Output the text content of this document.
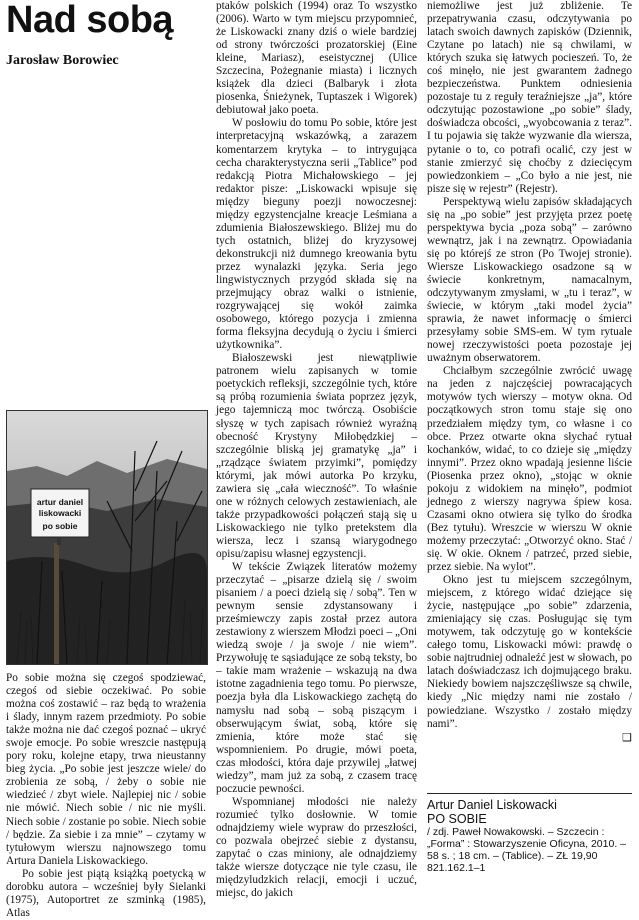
Nad sobą
Jarosław Borowiec
artur daniel
liskowacki
po sobie

Po sobie można się czegoś spodziewać, czegoś od siebie oczekiwać. Po sobie można coś zostawić – raz będą to wrażenia i ślady, innym razem przedmioty. Po sobie także można nie dać czegoś poznać – ukryć swoje emocje. Po sobie wreszcie następują pory roku, kolejne etapy, trwa nieustanny bieg życia. „Po sobie jest jeszcze wiele/ do zrobienia ze sobą, / żeby o sobie nie wiedzieć / zbyt wiele. Najlepiej nic / sobie nie mówić. Niech sobie / nic nie myśli. Niech sobie / zostanie po sobie. Niech sobie / będzie. Za siebie i za mnie” – czytamy w tytułowym wierszu najnowszego tomu Artura Daniela Liskowackiego.

Po sobie jest piątą książką poetycką w dorobku autora – wcześniej były Sielanki (1975), Autoportret ze szminką (1985), Atlas

ptaków polskich (1994) oraz To wszystko (2006). Warto w tym miejscu przypomnieć, że Liskowacki znany dziś o wiele bardziej od strony twórczości prozatorskiej (Eine kleine, Mariasz), eseistycznej (Ulice Szczecina, Pożegnanie miasta) i licznych książek dla dzieci (Balbaryk i złota piosenka, Śnieżynek, Tuptaszek i Wigorek) debiutował jako poeta.

W posłowiu do tomu Po sobie, które jest interpretacyjną wskazówką, a zarazem komentarzem krytyka – to intrygująca cecha charakterystyczna serii „Tablice” pod redakcją Piotra Michałowskiego – jej redaktor pisze: „Liskowacki wpisuje się między bieguny poezji nowoczesnej: między egzystencjalne kreacje Leśmiana a zdumienia Białoszewskiego. Bliżej mu do tych ostatnich, bliżej do kryzysowej dekonstrukcji niż dumnego kreowania bytu przez wynalazki języka. Seria jego lingwistycznych przygód składa się na przejmujący obraz walki o istnienie, rozgrywającej się wokół zaimka osobowego, którego pozycja i zmienna forma fleksyjna decydują o życiu i śmierci użytkownika”.

Białoszewski jest niewątpliwie patronem wielu zapisanych w tomie poetyckich refleksji, szczególnie tych, które są próbą rozumienia świata poprzez język, jego tajemniczą moc twórczą. Osobiście słyszę w tych zapisach również wyraźną obecność Krystyny Miłobędzkiej – szczególnie bliską jej gramatykę „ja” i „rządzące światem przyimki”, pomiędzy którymi, jak mówi autorka Po krzyku, zawiera się „cała wieczność”. To właśnie one w różnych celowych zestawieniach, ale także przypadkowości połączeń stają się u Liskowackiego nie tylko pretekstem dla wiersza, lecz i szansą wiarygodnego opisu/zapisu własnej egzystencji.

W tekście Związek literatów możemy przeczytać – „pisarze dzielą się / swoim pisaniem / a poeci dzielą się / sobą”. Ten w pewnym sensie zdystansowany i prześmiewczy zapis został przez autora zestawiony z wierszem Młodzi poeci – „Oni wiedzą swoje / ja swoje / nie wiem”. Przywołuję te sąsiadujące ze sobą teksty, bo – takie mam wrażenie – wskazują na dwa istotne zagadnienia tego tomu. Po pierwsze, poezja była dla Liskowackiego zachętą do namysłu nad sobą – sobą piszącym i obserwującym świat, sobą, które się zmienia, które może stać się wspomnieniem. Po drugie, mówi poeta, czas młodości, która daje przywilej „łatwej wiedzy”, mam już za sobą, z czasem tracę poczucie pewności.

Wspomnianej młodości nie należy rozumieć tylko dosłownie. W tomie odnajdziemy wiele wypraw do przeszłości, co pozwala obejrzeć siebie z dystansu, zapytać o czas miniony, ale odnajdziemy także wiersze dotyczące nie tyle czasu, ile międzyludzkich relacji, emocji i uczuć, miejsc, do jakich

niemożliwe jest już zbliżenie. Te przepatrywania czasu, odczytywania po latach swoich dawnych zapisków (Dziennik, Czytane po latach) nie są chwilami, w których szuka się łatwych pocieszeń. To, że coś minęło, nie jest gwarantem żadnego bezpieczeństwa. Punktem odniesienia pozostaje tu z reguły teraźniejsze „ja”, które odczytując pozostawione „po sobie” ślady, doświadcza obcości, „wyobcowania z teraz”. I tu pojawia się także wyzwanie dla wiersza, pytanie o to, co potrafi ocalić, czy jest w stanie zmierzyć się choćby z dziecięcym powiedzonkiem – „Co było a nie jest, nie pisze się w rejestr” (Rejestr).

Perspektywą wielu zapisów składających się na „po sobie” jest przyjęta przez poetę perspektywa bycia „poza sobą” – zarówno wewnątrz, jak i na zewnątrz. Opowiadania się po którejś ze stron (Po Twojej stronie). Wiersze Liskowackiego osadzone są w świecie konkretnym, namacalnym, odczytywanym zmysłami, w „tu i teraz”, w świecie, w którym „taki model życia” sprawia, że nawet informację o śmierci przesyłamy sobie SMS-em. W tym rytuale nowej rzeczywistości poeta pozostaje jej uważnym obserwatorem.

Chciałbym szczególnie zwrócić uwagę na jeden z najczęściej powracających motywów tych wierszy – motyw okna. Od początkowych stron tomu staje się ono przedziałem między tym, co własne i co obce. Przez otwarte okna słychać rytuał kochanków, widać, to co dzieje się „między innymi”. Przez okno wpadają jesienne liście (Piosenka przez okno), „stojąc w oknie pokoju z widokiem na minęło”, podmiot jednego z wierszy nagrywa śpiew kosa. Czasami okno otwiera się tylko do środka (Bez tytułu). Wreszcie w wierszu W oknie możemy przeczytać: „Otworzyć okno. Stać / się. W okie. Oknem / patrzeć, przed siebie, przez siebie. Na wylot”.

Okno jest tu miejscem szczególnym, miejscem, z którego widać dziejące się życie, następujące „po sobie” zdarzenia, zmieniający się czas. Posługując się tym motywem, tak odczytuję go w kontekście całego tomu, Liskowacki mówi: prawdę o sobie najtrudniej odnaleźć jest w słowach, po latach doświadczasz ich dojmującego braku. Niekiedy bowiem najszczęśliwsze są chwile, kiedy „Nic między nami nie zostało / powiedziane. Wszystko / zostało między nami”.

❑
Artur Daniel Liskowacki
PO SOBIE
/ zdj. Paweł Nowakowski. – Szczecin : „Forma” : Stowarzyszenie Oficyna, 2010. – 58 s. ; 18 cm. – (Tablice). – ZŁ 19,90
821.162.1–1
